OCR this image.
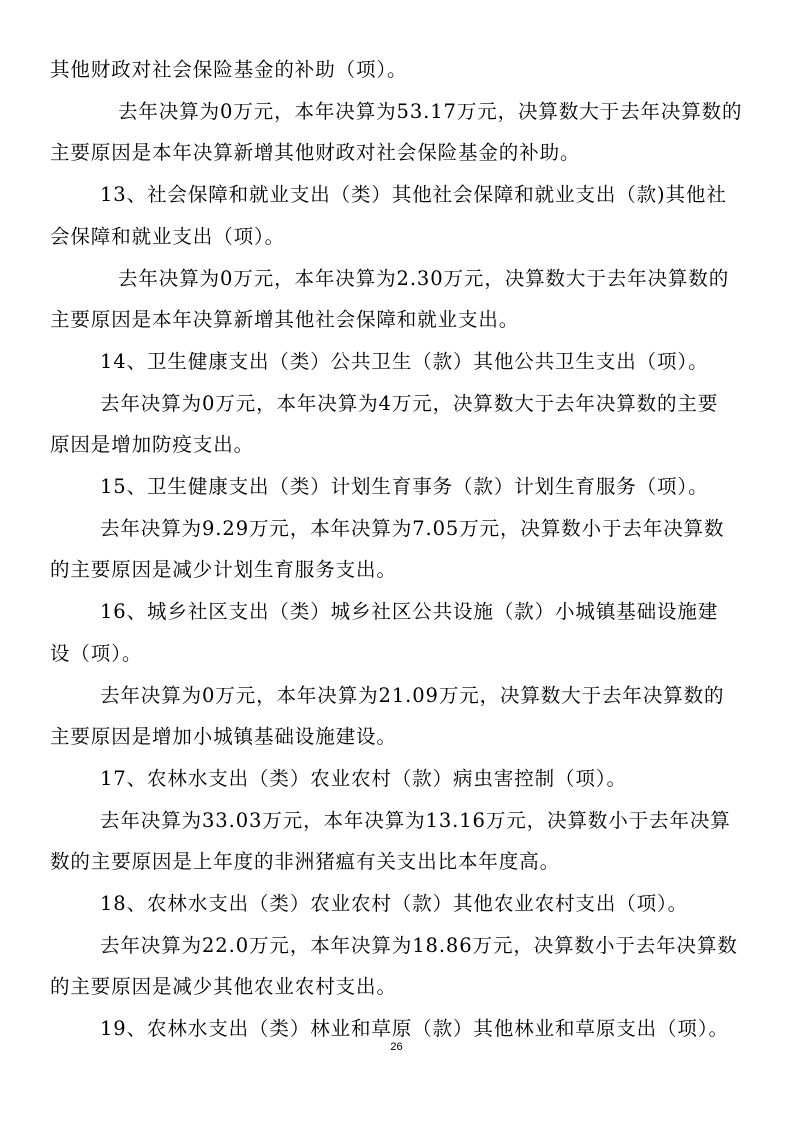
其他财政对社会保险基金的补助（项）。
去年决算为0万元，本年决算为53.17万元，决算数大于去年决算数的
主要原因是本年决算新增其他财政对社会保险基金的补助。
13、社会保障和就业支出（类）其他社会保障和就业支出（款)其他社
会保障和就业支出（项）。
去年决算为0万元，本年决算为2.30万元，决算数大于去年决算数的
主要原因是本年决算新增其他社会保障和就业支出。
14、卫生健康支出（类）公共卫生（款）其他公共卫生支出（项）。
去年决算为0万元，本年决算为4万元，决算数大于去年决算数的主要
原因是增加防疫支出。
15、卫生健康支出（类）计划生育事务（款）计划生育服务（项）。
去年决算为9.29万元，本年决算为7.05万元，决算数小于去年决算数
的主要原因是减少计划生育服务支出。
16、城乡社区支出（类）城乡社区公共设施（款）小城镇基础设施建
设（项）。
去年决算为0万元，本年决算为21.09万元，决算数大于去年决算数的
主要原因是增加小城镇基础设施建设。
17、农林水支出（类）农业农村（款）病虫害控制（项）。
去年决算为33.03万元，本年决算为13.16万元，决算数小于去年决算
数的主要原因是上年度的非洲猪瘟有关支出比本年度高。
18、农林水支出（类）农业农村（款）其他农业农村支出（项）。
去年决算为22.0万元，本年决算为18.86万元，决算数小于去年决算数
的主要原因是减少其他农业农村支出。
19、农林水支出（类）林业和草原（款）其他林业和草原支出（项）。
26
